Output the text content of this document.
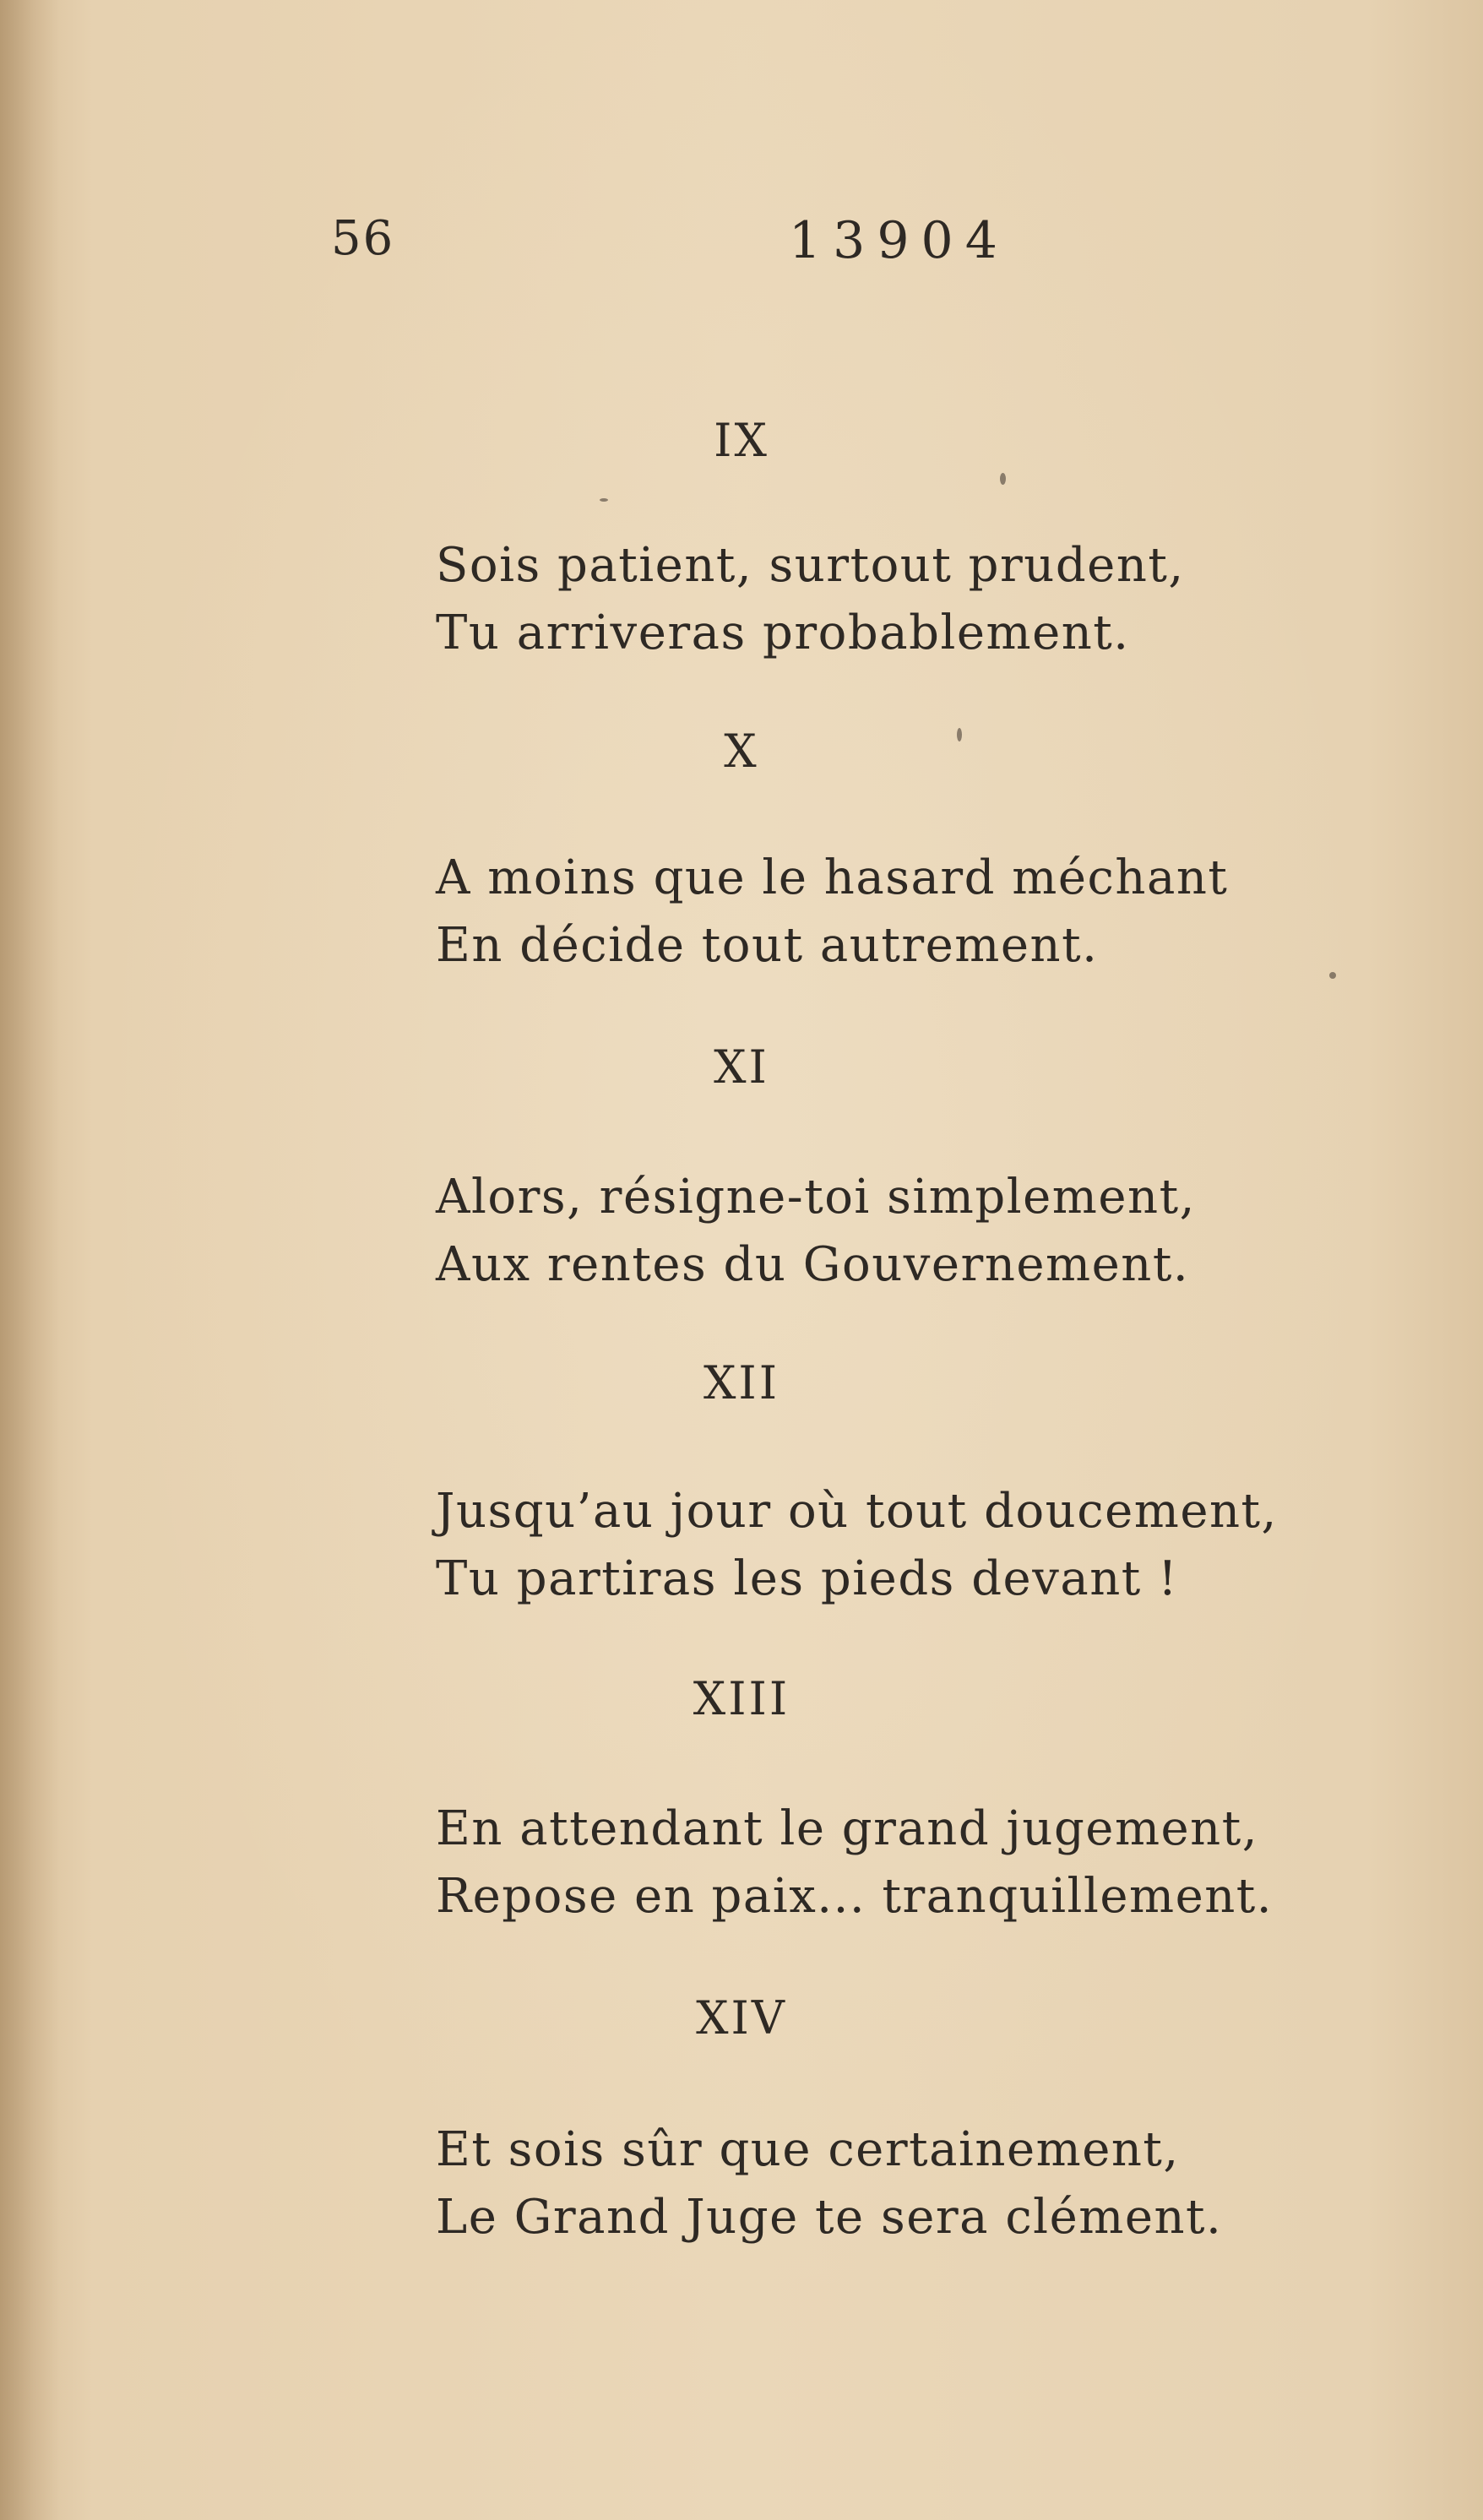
56	13904
IX
Sois patient, surtout prudent,
Tu arriveras probablement.
X
A moins que le hasard méchant
En décide tout autrement.
XI
Alors, résigne-toi simplement,
Aux rentes du Gouvernement.
XII
Jusqu’au jour où tout doucement,
Tu partiras les pieds devant !
XIII
En attendant le grand jugement,
Repose en paix... tranquillement.
XIV
Et sois sûr que certainement,
Le Grand Juge te sera clément.
